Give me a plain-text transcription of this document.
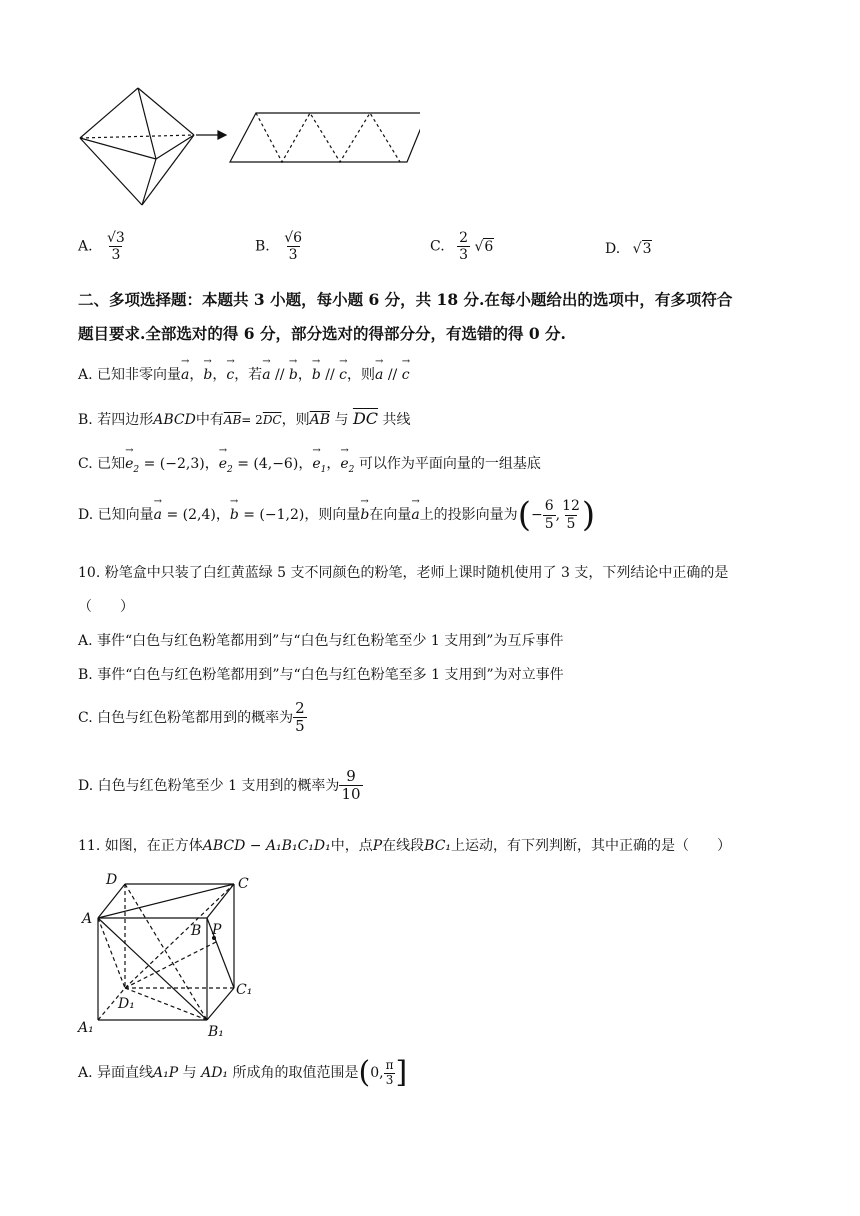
A. $\frac{√3}{3}$	B. $\frac{√6}{3}$	C. $\frac{2}{3} √6$	D. √3
二、多项选择题：本题共 3 小题，每小题 6 分，共 18 分.在每小题给出的选项中，有多项符合
题目要求.全部选对的得 6 分，部分选对的得部分分，有选错的得 0 分.
A. 已知非零向量→ a，→ b，→ c，若→ a // → b，→ b // → c，则→ a // → c
B. 若四边形ABCD中有$\overline{AB}= 2\overline{DC}$，则$\overline{AB}$ 与 $\overline{DC}$ 共线
C. 已知→ $e_2 = (-2,3)$，→ $e_2 = (4,-6)$，→ $e_1$，→ $e_2$ 可以作为平面向量的一组基底
D. 已知向量→ a = (2,4)，→ b = (−1,2)，则向量→ b在向量→ a上的投影向量为(− $\frac{6}{5}$ , $\frac{12}{5}$ )
10. 粉笔盒中只装了白红黄蓝绿 5 支不同颜色的粉笔，老师上课时随机使用了 3 支，下列结论中正确的是
（　　）
A. 事件“白色与红色粉笔都用到”与“白色与红色粉笔至少 1 支用到”为互斥事件
B. 事件“白色与红色粉笔都用到”与“白色与红色粉笔至多 1 支用到”为对立事件
C. 白色与红色粉笔都用到的概率为 $\frac{2}{5}$
D. 白色与红色粉笔至少 1 支用到的概率为 $\frac{9}{10}$
11. 如图，在正方体ABCD − A₁B₁C₁D₁中，点P在线段BC₁上运动，有下列判断，其中正确的是（　　）
A
D	C
B P
D₁
C₁
A₁	B₁
A. 异面直线A₁P 与 AD₁ 所成角的取值范围是(0, $\frac{\pi}{3}$ ]
